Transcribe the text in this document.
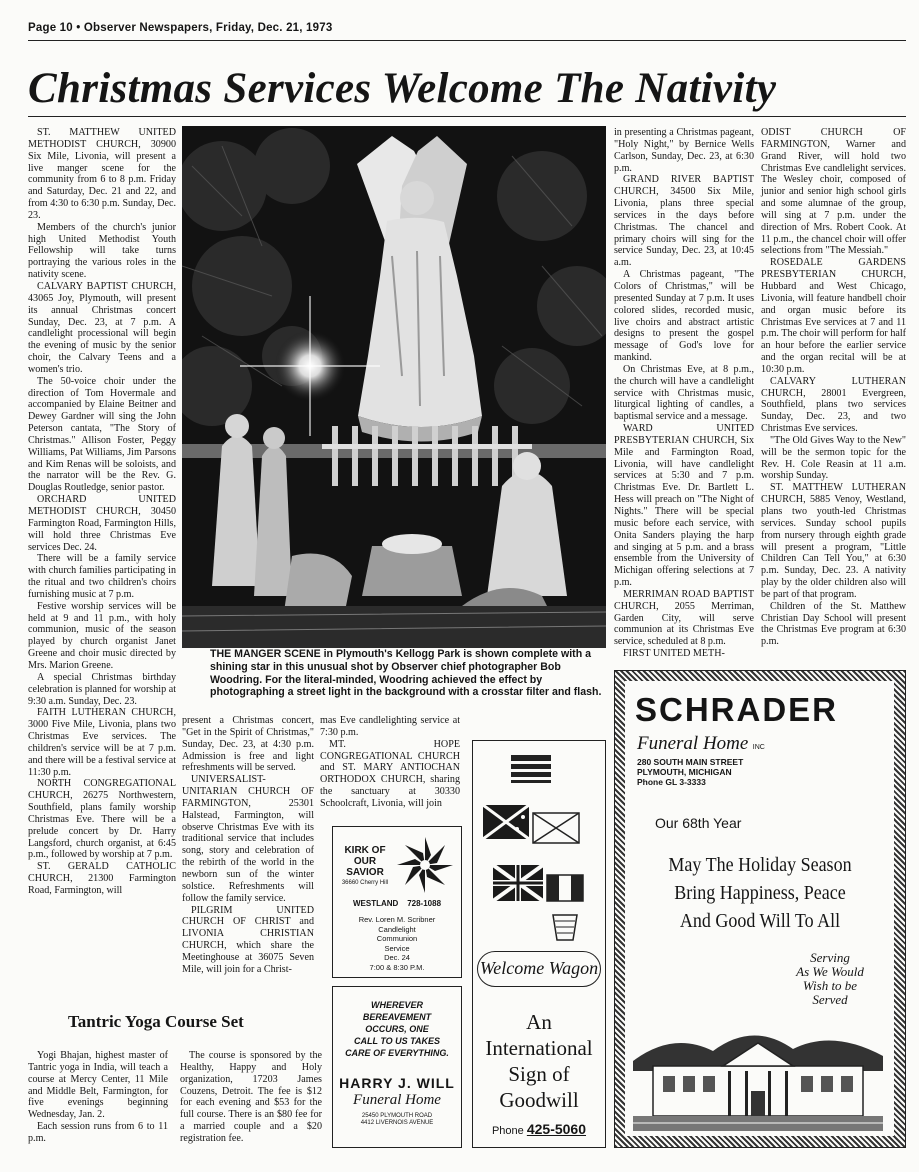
Page 10 • Observer Newspapers, Friday, Dec. 21, 1973
Christmas Services Welcome The Nativity

ST. MATTHEW UNITED METHODIST CHURCH, 30900 Six Mile, Livonia, will present a live manger scene for the community from 6 to 8 p.m. Friday and Saturday, Dec. 21 and 22, and from 4:30 to 6:30 p.m. Sunday, Dec. 23.

Members of the church's junior high United Methodist Youth Fellowship will take turns portraying the various roles in the nativity scene.

CALVARY BAPTIST CHURCH, 43065 Joy, Plymouth, will present its annual Christmas concert Sunday, Dec. 23, at 7 p.m. A candlelight processional will begin the evening of music by the senior choir, the Calvary Teens and a women's trio.

The 50-voice choir under the direction of Tom Hovermale and accompanied by Elaine Beitner and Dewey Gardner will sing the John Peterson cantata, "The Story of Christmas." Allison Foster, Peggy Williams, Pat Williams, Jim Parsons and Kim Renas will be soloists, and the narrator will be the Rev. G. Douglas Routledge, senior pastor.

ORCHARD UNITED METHODIST CHURCH, 30450 Farmington Road, Farmington Hills, will hold three Christmas Eve services Dec. 24.

There will be a family service with church families participating in the ritual and two children's choirs furnishing music at 7 p.m.

Festive worship services will be held at 9 and 11 p.m., with holy communion, music of the season played by church organist Janet Greene and choir music directed by Mrs. Marion Greene.

A special Christmas birthday celebration is planned for worship at 9:30 a.m. Sunday, Dec. 23.

FAITH LUTHERAN CHURCH, 3000 Five Mile, Livonia, plans two Christmas Eve services. The children's service will be at 7 p.m. and there will be a festival service at 11:30 p.m.

NORTH CONGREGATIONAL CHURCH, 26275 Northwestern, Southfield, plans family worship Christmas Eve. There will be a prelude concert by Dr. Harry Langsford, church organist, at 6:45 p.m., followed by worship at 7 p.m.

ST. GERALD CATHOLIC CHURCH, 21300 Farmington Road, Farmington, will

THE MANGER SCENE in Plymouth's Kellogg Park is shown complete with a shining star in this unusual shot by Observer chief photographer Bob Woodring. For the literal-minded, Woodring achieved the effect by photographing a street light in the background with a crosstar filter and flash.

present a Christmas concert, "Get in the Spirit of Christmas," Sunday, Dec. 23, at 4:30 p.m. Admission is free and light refreshments will be served.

UNIVERSALIST-UNITARIAN CHURCH OF FARMINGTON, 25301 Halstead, Farmington, will observe Christmas Eve with its traditional service that includes song, story and celebration of the rebirth of the world in the newborn sun of the winter solstice. Refreshments will follow the family service.

PILGRIM UNITED CHURCH OF CHRIST and LIVONIA CHRISTIAN CHURCH, which share the Meetinghouse at 36075 Seven Mile, will join for a Christ-

mas Eve candlelighting service at 7:30 p.m.

MT. HOPE CONGREGATIONAL CHURCH and ST. MARY ANTIOCHAN ORTHODOX CHURCH, sharing the sanctuary at 30330 Schoolcraft, Livonia, will join

in presenting a Christmas pageant, "Holy Night," by Bernice Wells Carlson, Sunday, Dec. 23, at 6:30 p.m.

GRAND RIVER BAPTIST CHURCH, 34500 Six Mile, Livonia, plans three special services in the days before Christmas. The chancel and primary choirs will sing for the service Sunday, Dec. 23, at 10:45 a.m.

A Christmas pageant, "The Colors of Christmas," will be presented Sunday at 7 p.m. It uses colored slides, recorded music, live choirs and abstract artistic designs to present the gospel message of God's love for mankind.

On Christmas Eve, at 8 p.m., the church will have a candlelight service with Christmas music, liturgical lighting of candles, a baptismal service and a message.

WARD UNITED PRESBYTERIAN CHURCH, Six Mile and Farmington Road, Livonia, will have candlelight services at 5:30 and 7 p.m. Christmas Eve. Dr. Bartlett L. Hess will preach on "The Night of Nights." There will be special music before each service, with Onita Sanders playing the harp and singing at 5 p.m. and a brass ensemble from the University of Michigan offering selections at 7 p.m.

MERRIMAN ROAD BAPTIST CHURCH, 2055 Merriman, Garden City, will serve communion at its Christmas Eve service, scheduled at 8 p.m.

FIRST UNITED METH-

ODIST CHURCH OF FARMINGTON, Warner and Grand River, will hold two Christmas Eve candlelight services. The Wesley choir, composed of junior and senior high school girls and some alumnae of the group, will sing at 7 p.m. under the direction of Mrs. Robert Cook. At 11 p.m., the chancel choir will offer selections from "The Messiah."

ROSEDALE GARDENS PRESBYTERIAN CHURCH, Hubbard and West Chicago, Livonia, will feature handbell choir and organ music before its Christmas Eve services at 7 and 11 p.m. The choir will perform for half an hour before the earlier service and the organ recital will be at 10:30 p.m.

CALVARY LUTHERAN CHURCH, 28001 Evergreen, Southfield, plans two services Sunday, Dec. 23, and two Christmas Eve services.

"The Old Gives Way to the New" will be the sermon topic for the Rev. H. Cole Reasin at 11 a.m. worship Sunday.

ST. MATTHEW LUTHERAN CHURCH, 5885 Venoy, Westland, plans two youth-led Christmas services. Sunday school pupils from nursery through eighth grade will present a program, "Little Children Can Tell You," at 6:30 p.m. Sunday, Dec. 23. A nativity play by the older children also will be part of that program.

Children of the St. Matthew Christian Day School will present the Christmas Eve program at 6:30 p.m.

KIRK OF
OUR
SAVIOR
36660 Cherry Hill
WESTLAND 728-1088
Rev. Loren M. Scribner
Candlelight
Communion
Service
Dec. 24
7:00 & 8:30 P.M.
WHEREVER
BEREAVEMENT
OCCURS, ONE
CALL TO US TAKES
CARE OF EVERYTHING.
HARRY J. WILL
Funeral Home
25450 PLYMOUTH ROAD
4412 LIVERNOIS AVENUE
Welcome Wagon
An
International
Sign of
Goodwill
Phone 425-5060
SCHRADER
Funeral Home INC
280 SOUTH MAIN STREET
PLYMOUTH, MICHIGAN
Phone GL 3-3333
Our 68th Year
May The Holiday Season
Bring Happiness, Peace
And Good Will To All
Serving
As We Would
Wish to be
Served
Tantric Yoga Course Set

Yogi Bhajan, highest master of Tantric yoga in India, will teach a course at Mercy Center, 11 Mile and Middle Belt, Farmington, for five evenings beginning Wednesday, Jan. 2.

Each session runs from 6 to 11 p.m.

The course is sponsored by the Healthy, Happy and Holy organization, 17203 James Couzens, Detroit. The fee is $12 for each evening and $53 for the full course. There is an $80 fee for a married couple and a $20 registration fee.
